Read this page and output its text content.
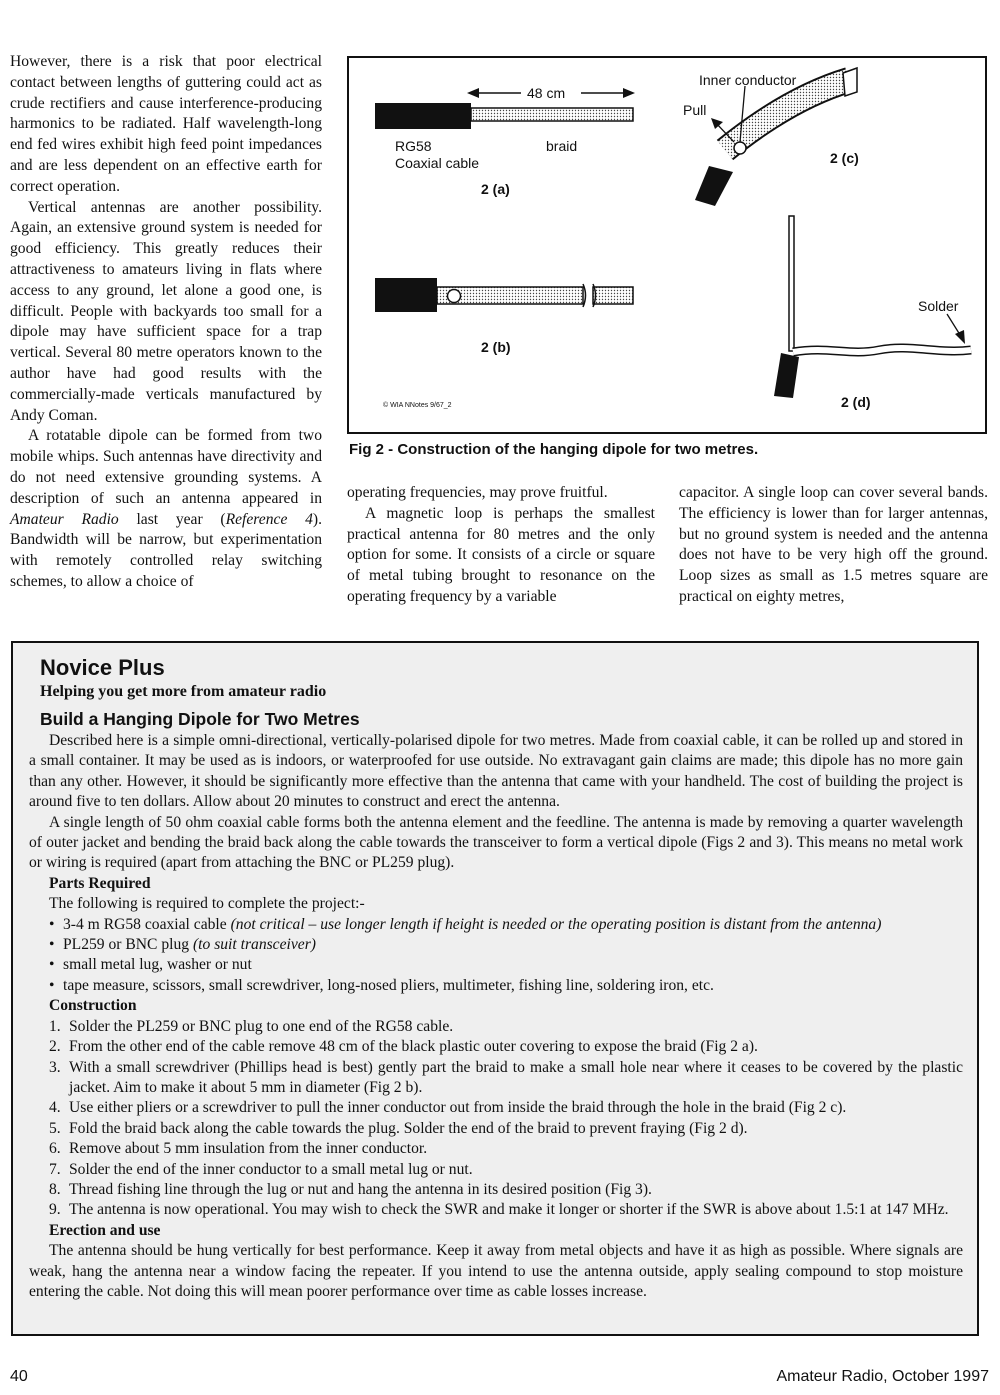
However, there is a risk that poor electrical contact between lengths of guttering could act as crude rectifiers and cause interference-producing harmonics to be radiated. Half wavelength-long end fed wires exhibit high feed point impedances and are less dependent on an effective earth for correct operation.

Vertical antennas are another possibility. Again, an extensive ground system is needed for good efficiency. This greatly reduces their attractiveness to amateurs living in flats where access to any ground, let alone a good one, is difficult. People with backyards too small for a dipole may have sufficient space for a trap vertical. Several 80 metre operators known to the author have had good results with the commercially-made verticals manufactured by Andy Coman.

A rotatable dipole can be formed from two mobile whips. Such antennas have directivity and do not need extensive grounding systems. A description of such an antenna appeared in Amateur Radio last year (Reference 4). Bandwidth will be narrow, but experimentation with remotely controlled relay switching schemes, to allow a choice of

48 cm
RG58
Coaxial cable
braid
2 (a)
2 (b)
Inner conductor
Pull
2 (c)
Solder
2 (d)
© WIA NNotes 9/67_2
Fig 2 - Construction of the hanging dipole for two metres.

operating frequencies, may prove fruitful.

A magnetic loop is perhaps the smallest practical antenna for 80 metres and the only option for some. It consists of a circle or square of metal tubing brought to resonance on the operating frequency by a variable

capacitor. A single loop can cover several bands. The efficiency is lower than for larger antennas, but no ground system is needed and the antenna does not have to be very high off the ground. Loop sizes as small as 1.5 metres square are practical on eighty metres,

Novice Plus

Helping you get more from amateur radio

Build a Hanging Dipole for Two Metres

Described here is a simple omni-directional, vertically-polarised dipole for two metres. Made from coaxial cable, it can be rolled up and stored in a small container. It may be used as is indoors, or waterproofed for use outside. No extravagant gain claims are made; this dipole has no more gain than any other. However, it should be significantly more effective than the antenna that came with your handheld. The cost of building the project is around five to ten dollars. Allow about 20 minutes to construct and erect the antenna.

A single length of 50 ohm coaxial cable forms both the antenna element and the feedline. The antenna is made by removing a quarter wavelength of outer jacket and bending the braid back along the cable towards the transceiver to form a vertical dipole (Figs 2 and 3). This means no metal work or wiring is required (apart from attaching the BNC or PL259 plug).

Parts Required

The following is required to complete the project:-

• 3-4 m RG58 coaxial cable (not critical – use longer length if height is needed or the operating position is distant from the antenna)
• PL259 or BNC plug (to suit transceiver)
• small metal lug, washer or nut
• tape measure, scissors, small screwdriver, long-nosed pliers, multimeter, fishing line, soldering iron, etc.

Construction

1. Solder the PL259 or BNC plug to one end of the RG58 cable.
2. From the other end of the cable remove 48 cm of the black plastic outer covering to expose the braid (Fig 2 a).
3. With a small screwdriver (Phillips head is best) gently part the braid to make a small hole near where it ceases to be covered by the plastic jacket. Aim to make it about 5 mm in diameter (Fig 2 b).
4. Use either pliers or a screwdriver to pull the inner conductor out from inside the braid through the hole in the braid (Fig 2 c).
5. Fold the braid back along the cable towards the plug. Solder the end of the braid to prevent fraying (Fig 2 d).
6. Remove about 5 mm insulation from the inner conductor.
7. Solder the end of the inner conductor to a small metal lug or nut.
8. Thread fishing line through the lug or nut and hang the antenna in its desired position (Fig 3).
9. The antenna is now operational. You may wish to check the SWR and make it longer or shorter if the SWR is above about 1.5:1 at 147 MHz.

Erection and use

The antenna should be hung vertically for best performance. Keep it away from metal objects and have it as high as possible. Where signals are weak, hang the antenna near a window facing the repeater. If you intend to use the antenna outside, apply sealing compound to stop moisture entering the cable. Not doing this will mean poorer performance over time as cable losses increase.

40	Amateur Radio, October 1997
